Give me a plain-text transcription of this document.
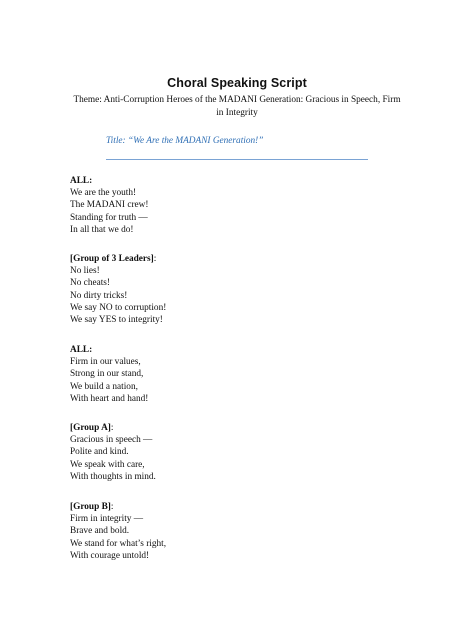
Choral Speaking Script
Theme: Anti-Corruption Heroes of the MADANI Generation: Gracious in Speech, Firm in Integrity
Title: “We Are the MADANI Generation!”
ALL:
We are the youth!
The MADANI crew!
Standing for truth —
In all that we do!
[Group of 3 Leaders]:
No lies!
No cheats!
No dirty tricks!
We say NO to corruption!
We say YES to integrity!
ALL:
Firm in our values,
Strong in our stand,
We build a nation,
With heart and hand!
[Group A]:
Gracious in speech —
Polite and kind.
We speak with care,
With thoughts in mind.
[Group B]:
Firm in integrity —
Brave and bold.
We stand for what’s right,
With courage untold!
